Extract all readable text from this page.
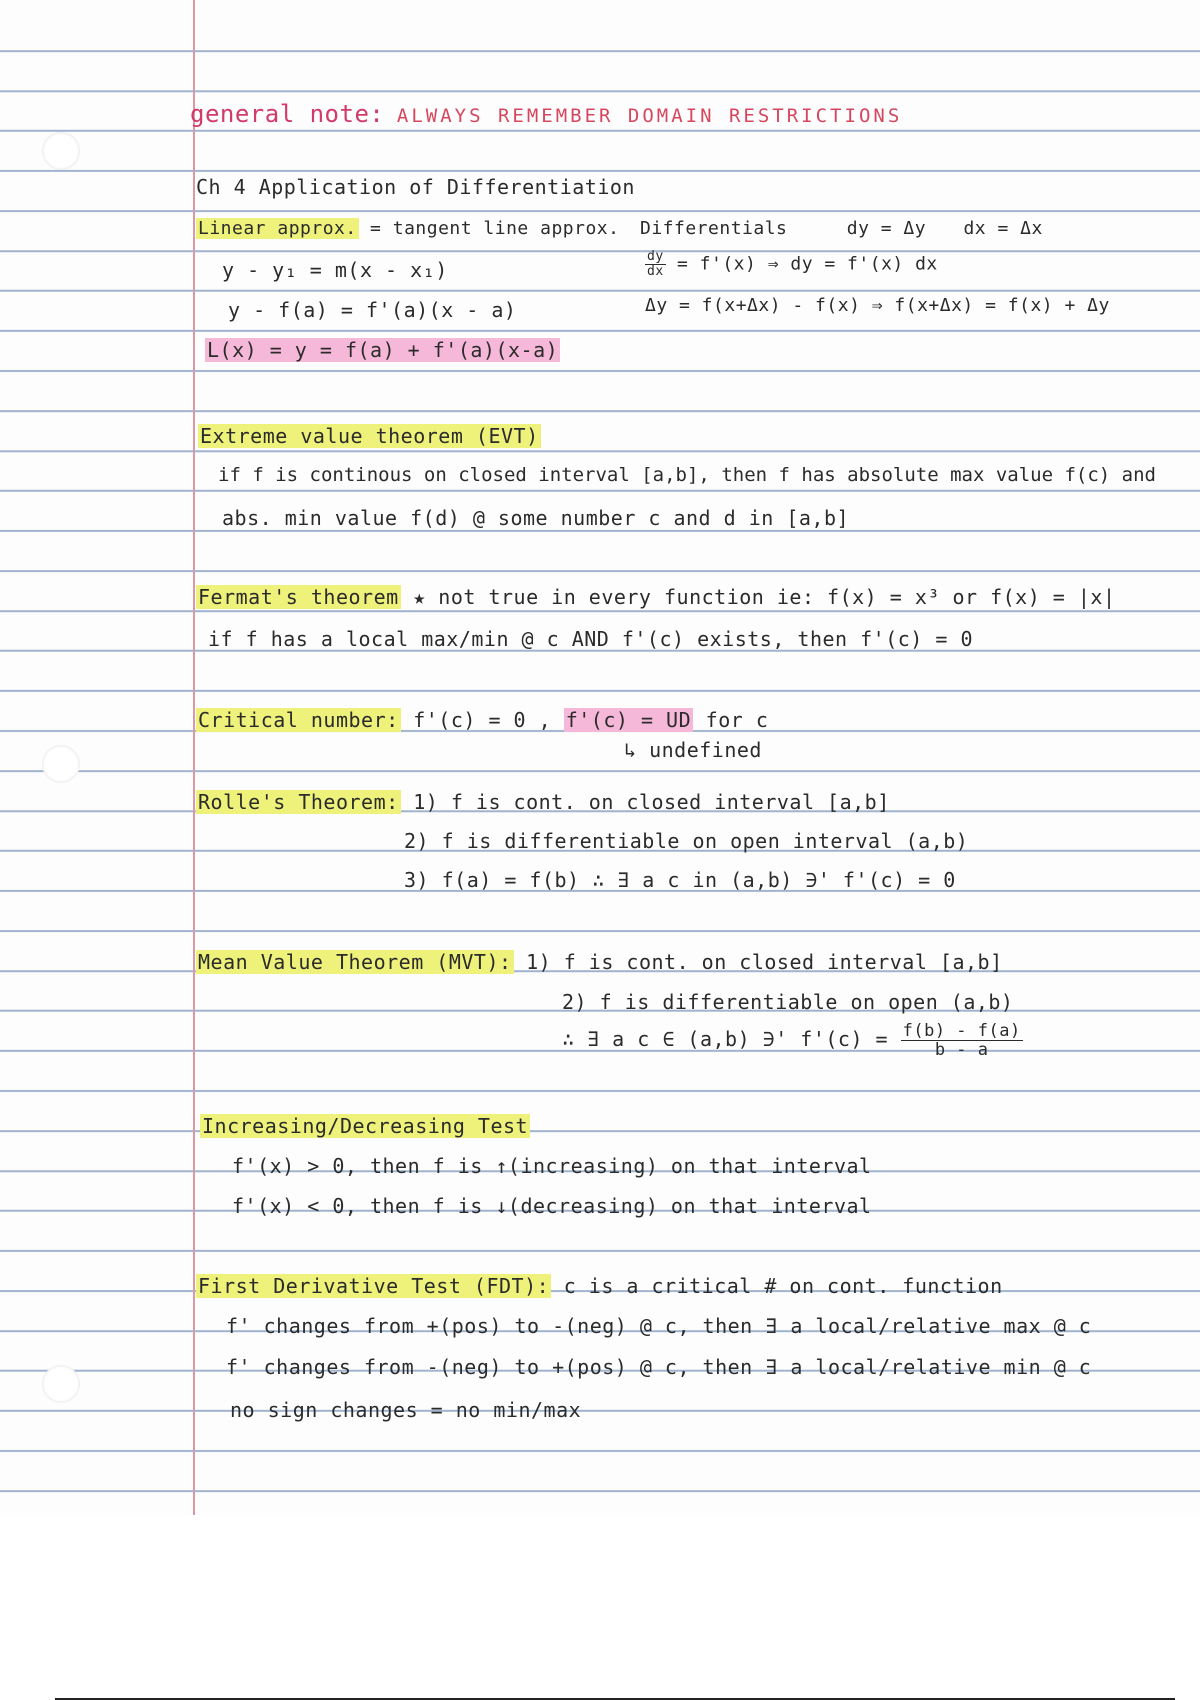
general note: ALWAYS REMEMBER DOMAIN RESTRICTIONS
Ch 4 Application of Differentiation
Linear approx. = tangent line approx.
y - y₁ = m(x - x₁)
y - f(a) = f'(a)(x - a)
L(x) = y = f(a) + f'(a)(x-a)
Differentials	dy = Δy dx = Δx
$\frac{dy}{dx} = f'(x)$ ⇒ dy = f'(x) dx
Δy = f(x+Δx) - f(x) ⇒ f(x+Δx) = f(x) + Δy
Extreme value theorem (EVT)
if f is continous on closed interval [a,b], then f has absolute max value f(c) and
abs. min value f(d) @ some number c and d in [a,b]
Fermat's theorem ★ not true in every function ie: f(x) = x³ or f(x) = |x|
if f has a local max/min @ c AND f'(c) exists, then f'(c) = 0
Critical number: f'(c) = 0 , f'(c) = UD for c
↳ undefined
Rolle's Theorem: 1) f is cont. on closed interval [a,b]
2) f is differentiable on open interval (a,b)
3) f(a) = f(b) ∴ ∃ a c in (a,b) ∋' f'(c) = 0
Mean Value Theorem (MVT): 1) f is cont. on closed interval [a,b]
2) f is differentiable on open (a,b)
∴ ∃ a c ∈ (a,b) ∋' $f'(c) = \frac{f(b) - f(a)}{b - a}$
Increasing/Decreasing Test
f'(x) > 0, then f is ↑(increasing) on that interval
f'(x) < 0, then f is ↓(decreasing) on that interval
First Derivative Test (FDT): c is a critical # on cont. function
f' changes from +(pos) to -(neg) @ c, then ∃ a local/relative max @ c
f' changes from -(neg) to +(pos) @ c, then ∃ a local/relative min @ c
no sign changes = no min/max
